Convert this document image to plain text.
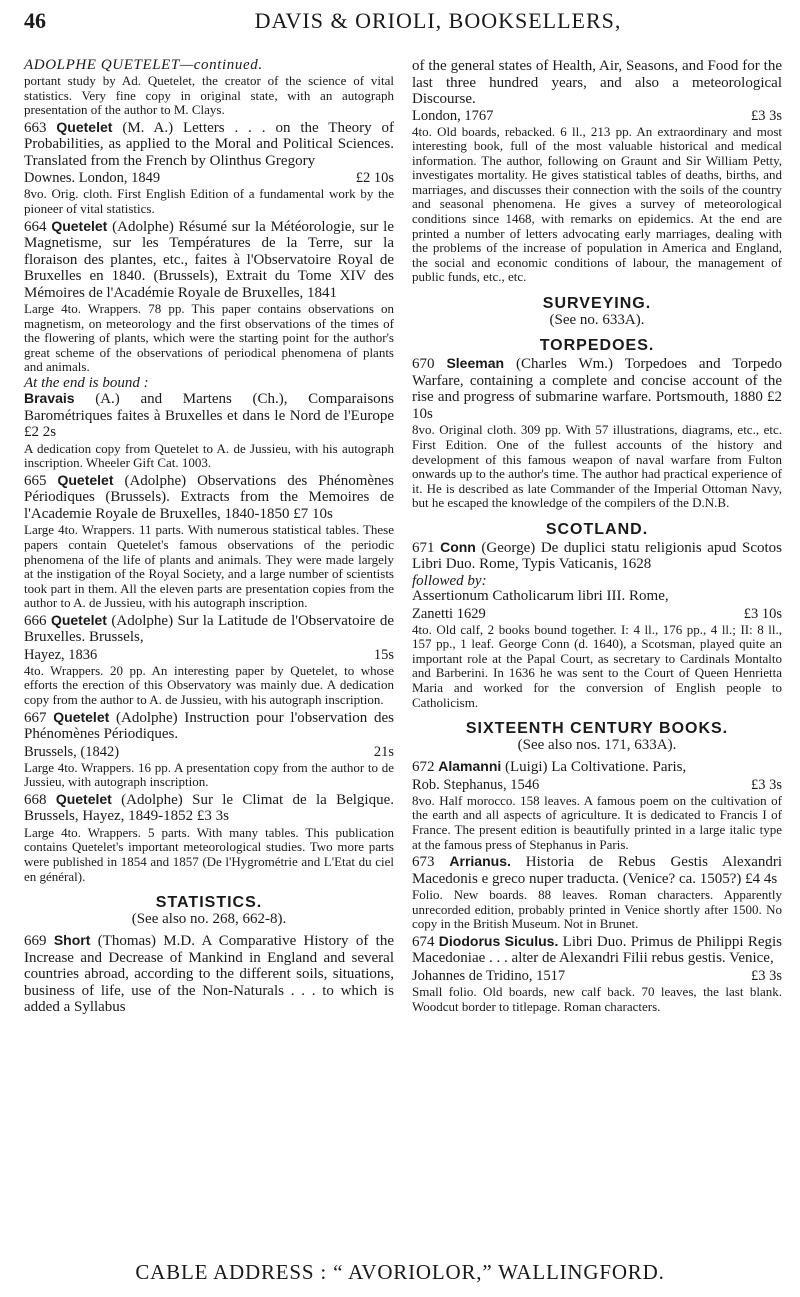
46	DAVIS & ORIOLI, BOOKSELLERS,
ADOLPHE QUETELET—continued.

portant study by Ad. Quetelet, the creator of the science of vital statistics. Very fine copy in original state, with an autograph presentation of the author to M. Clays.

663 Quetelet (M. A.) Letters . . . on the Theory of Probabilities, as applied to the Moral and Political Sciences. Translated from the French by Olinthus Gregory

Downes. London, 1849	£2 10s

8vo. Orig. cloth. First English Edition of a fundamental work by the pioneer of vital statistics.

664 Quetelet (Adolphe) Résumé sur la Météorologie, sur le Magnetisme, sur les Températures de la Terre, sur la floraison des plantes, etc., faites à l'Observatoire Royal de Bruxelles en 1840. (Brussels), Extrait du Tome XIV des Mémoires de l'Académie Royale de Bruxelles, 1841

Large 4to. Wrappers. 78 pp. This paper contains observations on magnetism, on meteorology and the first observations of the times of the flowering of plants, which were the starting point for the author's great scheme of the observations of periodical phenomena of plants and animals.

At the end is bound :

Bravais (A.) and Martens (Ch.), Comparaisons Barométriques faites à Bruxelles et dans le Nord de l'Europe £2 2s

A dedication copy from Quetelet to A. de Jussieu, with his autograph inscription. Wheeler Gift Cat. 1003.

665 Quetelet (Adolphe) Observations des Phénomènes Périodiques (Brussels). Extracts from the Memoires de l'Academie Royale de Bruxelles, 1840-1850 £7 10s

Large 4to. Wrappers. 11 parts. With numerous statistical tables. These papers contain Quetelet's famous observations of the periodic phenomena of the life of plants and animals. They were made largely at the instigation of the Royal Society, and a large number of scientists took part in them. All the eleven parts are presentation copies from the author to A. de Jussieu, with his autograph inscription.

666 Quetelet (Adolphe) Sur la Latitude de l'Observatoire de Bruxelles. Brussels,

Hayez, 1836	15s

4to. Wrappers. 20 pp. An interesting paper by Quetelet, to whose efforts the erection of this Observatory was mainly due. A dedication copy from the author to A. de Jussieu, with his autograph inscription.

667 Quetelet (Adolphe) Instruction pour l'observation des Phénomènes Périodiques.

Brussels, (1842)	21s

Large 4to. Wrappers. 16 pp. A presentation copy from the author to de Jussieu, with autograph inscription.

668 Quetelet (Adolphe) Sur le Climat de la Belgique. Brussels, Hayez, 1849-1852 £3 3s

Large 4to. Wrappers. 5 parts. With many tables. This publication contains Quetelet's important meteorological studies. Two more parts were published in 1854 and 1857 (De l'Hygrométrie and L'Etat du ciel en général).

STATISTICS.
(See also no. 268, 662-8).

669 Short (Thomas) M.D. A Comparative History of the Increase and Decrease of Mankind in England and several countries abroad, according to the different soils, situations, business of life, use of the Non-Naturals . . . to which is added a Syllabus

of the general states of Health, Air, Seasons, and Food for the last three hundred years, and also a meteorological Discourse.

London, 1767	£3 3s

4to. Old boards, rebacked. 6 ll., 213 pp. An extraordinary and most interesting book, full of the most valuable historical and medical information. The author, following on Graunt and Sir William Petty, investigates mortality. He gives statistical tables of deaths, births, and marriages, and discusses their connection with the soils of the country and seasonal phenomena. He gives a survey of meteorological conditions since 1468, with remarks on epidemics. At the end are printed a number of letters advocating early marriages, dealing with the problems of the increase of population in America and England, the social and economic conditions of labour, the management of public funds, etc., etc.

SURVEYING.
(See no. 633A).
TORPEDOES.

670 Sleeman (Charles Wm.) Torpedoes and Torpedo Warfare, containing a complete and concise account of the rise and progress of submarine warfare. Portsmouth, 1880 £2 10s

8vo. Original cloth. 309 pp. With 57 illustrations, diagrams, etc., etc. First Edition. One of the fullest accounts of the history and development of this famous weapon of naval warfare from Fulton onwards up to the author's time. The author had practical experience of it. He is described as late Commander of the Imperial Ottoman Navy, but he escaped the knowledge of the compilers of the D.N.B.

SCOTLAND.

671 Conn (George) De duplici statu religionis apud Scotos Libri Duo. Rome, Typis Vaticanis, 1628

followed by:

Assertionum Catholicarum libri III. Rome,

Zanetti 1629	£3 10s

4to. Old calf, 2 books bound together. I: 4 ll., 176 pp., 4 ll.; II: 8 ll., 157 pp., 1 leaf. George Conn (d. 1640), a Scotsman, played quite an important role at the Papal Court, as secretary to Cardinals Montalto and Barberini. In 1636 he was sent to the Court of Queen Henrietta Maria and worked for the conversion of English people to Catholicism.

SIXTEENTH CENTURY BOOKS.
(See also nos. 171, 633A).

672 Alamanni (Luigi) La Coltivatione. Paris,

Rob. Stephanus, 1546	£3 3s

8vo. Half morocco. 158 leaves. A famous poem on the cultivation of the earth and all aspects of agriculture. It is dedicated to Francis I of France. The present edition is beautifully printed in a large italic type at the famous press of Stephanus in Paris.

673 Arrianus. Historia de Rebus Gestis Alexandri Macedonis e greco nuper traducta. (Venice? ca. 1505?) £4 4s

Folio. New boards. 88 leaves. Roman characters. Apparently unrecorded edition, probably printed in Venice shortly after 1500. No copy in the British Museum. Not in Brunet.

674 Diodorus Siculus. Libri Duo. Primus de Philippi Regis Macedoniae . . . alter de Alexandri Filii rebus gestis. Venice,

Johannes de Tridino, 1517	£3 3s

Small folio. Old boards, new calf back. 70 leaves, the last blank. Woodcut border to titlepage. Roman characters.

CABLE ADDRESS : “ AVORIOLOR,” WALLINGFORD.
